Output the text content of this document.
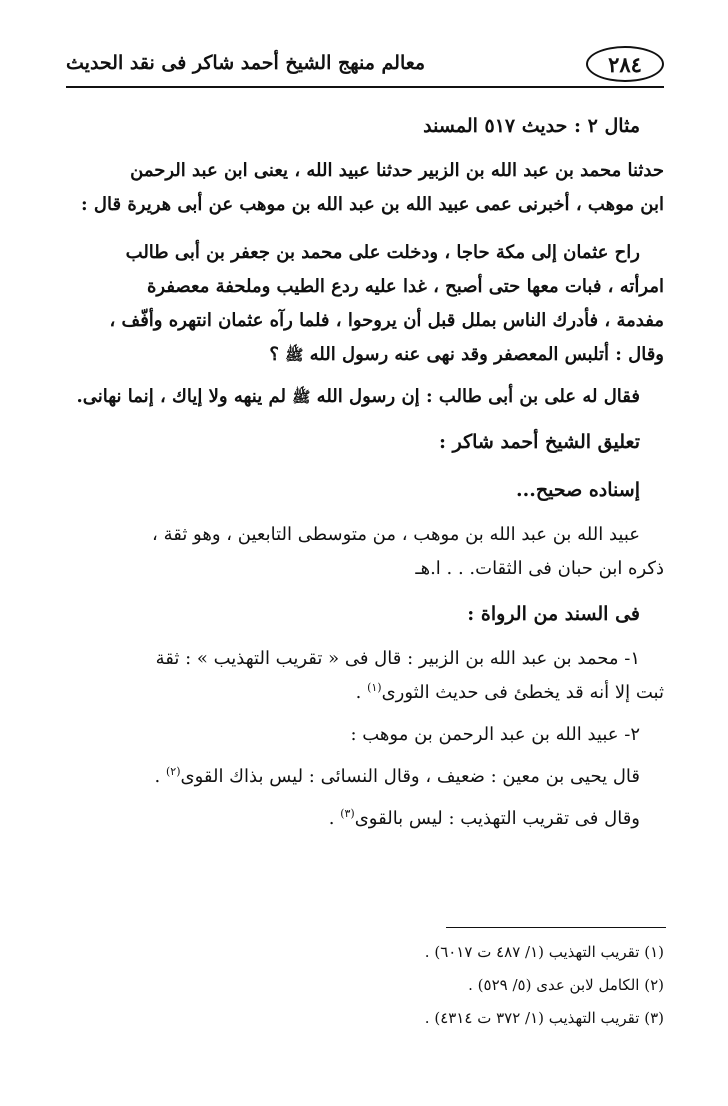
٢٨٤
معالم منهج الشيخ أحمد شاكر فى نقد الحديث

مثال ٢ : حديث ٥١٧ المسند

حدثنا محمد بن عبد الله بن الزبير حدثنا عبيد الله ، يعنى ابن عبد الرحمن

ابن موهب ، أخبرنى عمى عبيد الله بن عبد الله بن موهب عن أبى هريرة قال :

راح عثمان إلى مكة حاجا ، ودخلت على محمد بن جعفر بن أبى طالب

امرأته ، فبات معها حتى أصبح ، غدا عليه ردع الطيب وملحفة معصفرة

مفدمة ، فأدرك الناس بملل قبل أن يروحوا ، فلما رآه عثمان انتهره وأفّف ،

وقال : أتلبس المعصفر وقد نهى عنه رسول الله ﷺ ؟

فقال له على بن أبى طالب : إن رسول الله ﷺ لم ينهه ولا إياك ، إنما نهانى.

تعليق الشيخ أحمد شاكر :

إسناده صحيح...

عبيد الله بن عبد الله بن موهب ، من متوسطى التابعين ، وهو ثقة ،

ذكره ابن حبان فى الثقات. . . ا.هـ

فى السند من الرواة :

١- محمد بن عبد الله بن الزبير : قال فى « تقريب التهذيب » : ثقة

ثبت إلا أنه قد يخطئ فى حديث الثورى$^{(١)}$ .

٢- عبيد الله بن عبد الرحمن بن موهب :

قال يحيى بن معين : ضعيف ، وقال النسائى : ليس بذاك القوى$^{(٢)}$ .

وقال فى تقريب التهذيب : ليس بالقوى$^{(٣)}$ .

(١) تقريب التهذيب (١/ ٤٨٧ ت ٦٠١٧) .

(٢) الكامل لابن عدى (٥/ ٥٢٩) .

(٣) تقريب التهذيب (١/ ٣٧٢ ت ٤٣١٤) .
